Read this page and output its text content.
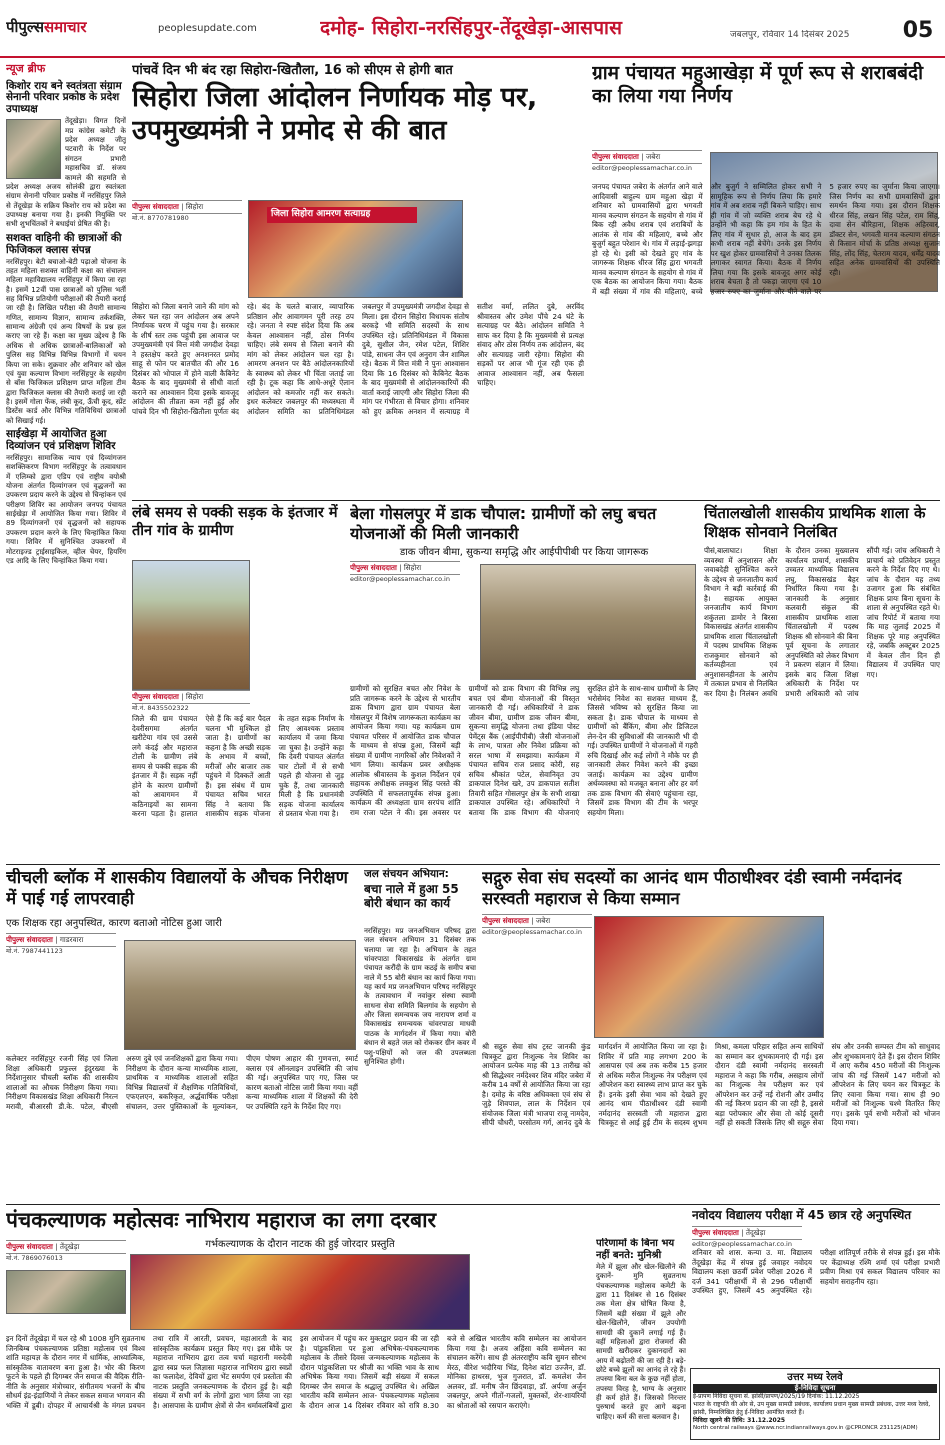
पीपुल्ससमाचार	peoplesupdate.com	दमोह- सिहोरा-नरसिंहपुर-तेंदूखेड़ा-आसपास	जबलपुर, रविवार 14 दिसंबर 2025	05
न्यूज ब्रीफ
किशोर राय बने स्वतंत्रता संग्राम सेनानी परिवार प्रकोष्ठ के प्रदेश उपाध्यक्ष
तेंदूखेड़ा। विगत दिनों मप्र कांग्रेस कमेटी के प्रदेश अध्यक्ष जीतू पटवारी के निर्देश पर संगठन प्रभारी महासचिव डॉ. संजय कामले की सहमति से प्रदेश अध्यक्ष अजय सोलंकी द्वारा स्वतंत्रता संग्राम सेनानी परिवार प्रकोष्ठ में नरसिंहपुर जिले से तेंदूखेड़ा के सक्रिय किशोर राय को प्रदेश का उपाध्यक्ष बनाया गया है। इनकी नियुक्ति पर सभी शुभचिंतकों ने बधाईयां प्रेषित की है।
सशक्त वाहिनी की छात्राओं की फिजिकल क्लास संपन्न
नरसिंहपुर। बेटी बचाओ-बेटी पढ़ाओ योजना के तहत महिला सशक्त वाहिनी कक्षा का संचालन महिला महाविद्यालय नरसिंहपुर में किया जा रहा है। इसमें 12वीं पास छात्राओं को पुलिस भर्ती सह विभिन्न प्रतियोगी परीक्षाओं की तैयारी कराई जा रही है। लिखित परीक्षा की तैयारी सामान्य गणित, सामान्य विज्ञान, सामान्य तर्कशक्ति, सामान्य अंग्रेजी एवं अन्य विषयों के प्रश्न हल कराए जा रहे हैं। कक्षा का मुख्य उद्देश्य है कि अधिक से अधिक छात्राओं-बालिकाओं को पुलिस सह विभिन्न विभिन्न विभागों में चयन किया जा सके। शुक्रवार और शनिवार को खेल एवं युवा कल्याण विभाग नरसिंहपुर के सहयोग से बॉस फिजिकल प्रशिक्षण प्राप्त महिला टीम द्वारा फिजिकल क्लास की तैयारी कराई जा रही है। इसमें गोला फेंक, लंबी कूद, ऊँंची कूद, स्प्रेंट डिस्टेंस कार्ड और विभिन्न गतिविधियां छात्राओं को सिखाई गई।
साईखेड़ा में आयोजित हुआ दिव्यांजन एवं प्रशिक्षण शिविर
नरसिंहपुर। सामाजिक न्याय एवं दिव्यांगजन सशक्तिकरण विभाग नरसिंहपुर के तत्वावधान में एलिम्को द्वारा एडिप एवं राष्ट्रीय वयोश्री योजना अंतर्गत दिव्यांगजन एवं वृद्धजनों का उपकरण प्रदाय करने के उद्देश्य से चिन्हांकन एवं परीक्षण शिविर का आयोजन जनपद पंचायत साईखेड़ा में आयोजित किया गया। शिविर में 89 दिव्यांगजनों एवं वृद्धजनों को सहायक उपकरण प्रदान करने के लिए चिन्हांकित किया गया। शिविर में सुनिश्चित उपकरणों में मोटराइज्ड ट्राईसाइकिल, व्हील चेयर, हियरिंग एड आदि के लिए चिन्हांकित किया गया।
पांचवें दिन भी बंद रहा सिहोरा-खितौला, 16 को सीएम से होगी बात
सिहोरा जिला आंदोलन निर्णायक मोड़ पर, उपमुख्यमंत्री ने प्रमोद से की बात
पीपुल्स संवाददाता | सिहोरा
मो.नं. 8770781980	जिला सिहोरा आमरण सत्याग्रह
सिहोरा को जिला बनाने जाने की मांग को लेकर चल रहा जन आंदोलन अब अपने निर्णायक चरण में पहुंच गया है। सरकार के शीर्ष स्तर तक पहुंची इस आवाज पर उपमुख्यमंत्री एवं वित्त मंत्री जगदीश देवड़ा ने हस्तक्षेप करते हुए अनशनरत प्रमोद साहू से फोन पर बातचीत की और 16 दिसंबर को भोपाल में होने वाली कैबिनेट बैठक के बाद मुख्यमंत्री से सीधी वार्ता कराने का आश्वासन दिया इसके बावजूद आंदोलन की तीव्रता कम नहीं हुई और पांचवे दिन भी सिहोरा-खितौला पूर्णतः बंद रहे। बंद के चलते बाजार, व्यापारिक प्रतिष्ठान और आवागमन पूरी तरह ठप रहे। जनता ने स्पष्ट संदेश दिया कि अब केवल आश्वासन नहीं, ठोस निर्णय चाहिए। लंबे समय से जिला बनाने की मांग को लेकर आंदोलन चल रहा है। आमरण अनशन पर बैठे आंदोलनकारियों के स्वास्थ्य को लेकर भी चिंता जताई जा रही है। टूक कहा कि आधे-अधूरे ऐलान आंदोलन को कमजोर नहीं कर सकते। इधर कलेक्टर जबलपुर की मध्यस्थता में आंदोलन समिति का प्रतिनिधिमंडल जबलपुर में उपमुख्यमंत्री जगदीश देवड़ा से मिला। इस दौरान सिहोरा विधायक संतोष बरकड़े भी समिति सदस्यों के साथ उपस्थित रहे। प्रतिनिधिमंडल में विकास दुबे, सुशील जैन, रमेश पटेल, शिशिर पांडे, साधना जैन एवं अनुराग जैन शामिल रहे। बैठक में वित्त मंत्री ने पुनः आश्वासन दिया कि 16 दिसंबर को कैबिनेट बैठक के बाद मुख्यमंत्री से आंदोलनकारियों की वार्ता कराई जाएगी और सिहोरा जिला की मांग पर गंभीरता से विचार होगा। शनिवार को हुए क्रमिक अनशन में सत्याग्रह में सतीश वर्मा, ललित दुबे, अरविंद श्रीवास्तव और उमेश पौंचे 24 घंटे के सत्याग्रह पर बैठे। आंदोलन समिति ने साफ कर दिया है कि मुख्यमंत्री से प्रत्यक्ष संवाद और ठोस निर्णय तक आंदोलन, बंद और सत्याग्रह जारी रहेगा। सिहोरा की सड़कों पर आज भी गूंज रही एक ही आवाज आश्वासन नहीं, अब फैसला चाहिए।
ग्राम पंचायत महुआखेड़ा में पूर्ण रूप से शराबबंदी का लिया गया निर्णय
पीपुल्स संवाददाता | जबेरा
editor@peoplessamachar.co.in
जनपद पंचायत जबेरा के अंतर्गत आने वाले आदिवासी बाहुल्य ग्राम महुआ खेड़ा में शनिवार को ग्रामवासियों द्वारा भगवती मानव कल्याण संगठन के सहयोग से गांव में बिक रही अवैध शराब एवं शराबियों के आतंक से गांव की महिलाएं, बच्चे और बुजुर्ग बहुत परेशान थे। गांव में लड़ाई-झगड़ा हो रहे थे। इसी को देखते हुए गांव के जागरूक शिक्षक धीरज सिंह द्वारा भगवती मानव कल्याण संगठन के सहयोग से गांव में एक बैठक का आयोजन किया गया। बैठक में बड़ी संख्या में गांव की महिलाएं, बच्चे और बुजुर्ग ने सम्मिलित होकर सभी ने सामूहिक रूप से निर्णय लिया कि हमारे गांव में अब शराब नहीं बिकने चाहिए। साथ ही गांव में जो व्यक्ति शराब बेच रहे थे उन्होंने भी कहा कि हम गांव के हित के लिए गांव में सुधार हो, आज के बाद हम कभी शराब नहीं बेचेंगे। उनके इस निर्णय पर खुश होकर ग्रामवासियों ने उनका तिलक लगाकर स्वागत किया। बैठक में निर्णय लिया गया कि इसके बावजूद अगर कोई शराब बेचता है तो पकड़ा जाएगा एवं 10 हजार रुपए का जुर्माना और पीने वाले पर 5 हजार रुपए का जुर्माना किया जाएगा। जिस निर्णय का सभी ग्रामवासियों द्वारा समर्थन किया गया। इस दौरान शिक्षक धीरज सिंह, लखन सिंह पटेल, राम सिंह, दावा सेन बौरिहाना, शिक्षक अहिरवार, डॉक्टर सेन, भगवती मानव कल्याण संगठन से किसान मोर्चा के प्रतिष्ठ अध्यक्ष सुजान सिंह, लोंद सिंह, चेतराम यादव, धर्मेंद्र यादव सहित अनेक ग्रामवासियों की उपस्थिति रही।
लंबे समय से पक्की सड़क के इंतजार में तीन गांव के ग्रामीण
पीपुल्स संवाददाता | सिहोरा
मो.नं. 8435502322
जिले की ग्राम पंचायत देवरीसगमा अंतर्गत खरीटेया गांव एवं उससे लगे कंदई और महाराज टोली के ग्रामीण लंबे समय से पक्की सड़क की इंतजार में हैं। सड़क नहीं होने के कारण ग्रामीणों को आवागमन में कठिनाइयों का सामना करना पड़ता है। हालात ऐसे हैं कि कई बार पैदल चलना भी मुश्किल हो जाता है। ग्रामीणों का कहना है कि अच्छी सड़क के अभाव में बच्चों, मरीजों और बाजार तक पहुंचने में दिक्कतें आती हैं। इस संबंध में ग्राम पंचायत सचिव भारत सिंह ने बताया कि शासकीय सड़क योजना के तहत सड़क निर्माण के लिए आवश्यक प्रस्ताव कार्यालय में जमा किया जा चुका है। उन्होंने कहा कि देवरी पंचायत अंतर्गत चार टोलों में से सभी पहले ही योजना से जुड़ चुके हैं, तथा जानकारी मिली है कि प्रधानमंत्री सड़क योजना कार्यालय से प्रस्ताव भेजा गया है।
बेला गोसलपुर में डाक चौपाल: ग्रामीणों को लघु बचत योजनाओं की मिली जानकारी
डाक जीवन बीमा, सुकन्या समृद्धि और आईपीपीबी पर किया जागरूक
पीपुल्स संवाददाता | सिहोरा
editor@peoplessamachar.co.in
ग्रामीणों को सुरक्षित बचत और निवेश के प्रति जागरूक करने के उद्देश्य से भारतीय डाक विभाग द्वारा ग्राम पंचायत बेला गोसलपुर में विशेष जागरूकता कार्यक्रम का आयोजन किया गया। यह कार्यक्रम ग्राम पंचायत परिसर में आयोजित डाक चौपाल के माध्यम से संपन्न हुआ, जिसमें बड़ी संख्या में ग्रामीण नागरिकों और निवेशकों ने भाग लिया। कार्यक्रम प्रवर अधीक्षक आलोक श्रीवास्तव के कुशल निर्देशन एवं सहायक अधीक्षक लवकुश सिंह परस्ते की उपस्थिति में सफलतापूर्वक संपन्न हुआ। कार्यक्रम की अध्यक्षता ग्राम सरपंच शांति राम राजा पटेल ने की। इस अवसर पर ग्रामीणों को डाक विभाग की विभिन्न लघु बचत एवं बीमा योजनाओं की विस्तृत जानकारी दी गई। अधिकारियों ने डाक जीवन बीमा, ग्रामीण डाक जीवन बीमा, सुकन्या समृद्धि योजना तथा इंडिया पोस्ट पेमेंट्स बैंक (आईपीपीबी) जैसी योजनाओं के लाभ, पात्रता और निवेश प्रक्रिया को सरल भाषा में समझाया। कार्यक्रम में पंचायत सचिव राज प्रसाद कोरी, सह सचिव श्रीकांत पटेल, सेवानिवृत उप डाकपाल दिनेश खरे, उप डाकपाल सतीश तिवारी सहित गोसलपुर क्षेत्र के सभी शाखा डाकपाल उपस्थित रहे। अधिकारियों ने बताया कि डाक विभाग की योजनाएं सुरक्षित होने के साथ-साथ ग्रामीणों के लिए भरोसेमंद निवेश का सशक्त माध्यम हैं, जिससे भविष्य को सुरक्षित किया जा सकता है। डाक चौपाल के माध्यम से ग्रामीणों को बैंकिंग, बीमा और डिजिटल लेन-देन की सुविधाओं की जानकारी भी दी गई। उपस्थित ग्रामीणों ने योजनाओं में गहरी रुचि दिखाई और कई लोगों ने मौके पर ही जानकारी लेकर निवेश करने की इच्छा जताई। कार्यक्रम का उद्देश्य ग्रामीण अर्थव्यवस्था को मजबूत बनाना और हर वर्ग तक डाक विभाग की सेवाएं पहुंचाना रहा, जिसमें डाक विभाग की टीम के भरपूर सहयोग मिला।
चिंतालखोली शासकीय प्राथमिक शाला के शिक्षक सोनवाने निलंबित
पीसं,बालाघाट। शिक्षा व्यवस्था में अनुशासन और जवाबदेही सुनिश्चित करने के उद्देश्य से जनजातीय कार्य विभाग ने बड़ी कार्रवाई की है। सहायक आयुक्त जनजातीय कार्य विभाग शकुंतला डामोर ने बिरसा विकासखंड अंतर्गत शासकीय प्राथमिक शाला चिंतालखोली में पदस्थ प्राथमिक शिक्षक राजकुमार सोनवाने को कर्तव्यहीनता एवं अनुशासनहीनता के आरोप में तत्काल प्रभाव से निलंबित कर दिया है। निलंबन अवधि के दौरान उनका मुख्यालय कार्यालय प्राचार्य, शासकीय उच्चतर माध्यमिक विद्यालय लघु, विकासखंड बैहर निर्धारित किया गया है। जानकारी के अनुसार कलवारी संकुल की शासकीय प्राथमिक शाला चिंतालखोली में पदस्थ शिक्षक श्री सोनवाने की बिना पूर्व सूचना के लगातार अनुपस्थिति को लेकर विभाग ने प्रकरण संज्ञान में लिया। इसके बाद जिला शिक्षा अधिकारी के निर्देश पर प्रभारी अधिकारी को जांच सौंपी गई। जांच अधिकारी ने प्राचार्य को प्रतिवेदन प्रस्तुत करने के निर्देश दिए गए थे। जांच के दौरान यह तथ्य उजागर हुआ कि संबंधित शिक्षक प्रायः बिना सूचना के शाला से अनुपस्थित रहते थे। जांच रिपोर्ट में बताया गया कि माह जुलाई 2025 में शिक्षक पूरे माह अनुपस्थित रहे, जबकि अक्टूबर 2025 में केवल तीन दिन ही विद्यालय में उपस्थित पाए गए।
चीचली ब्लॉक में शासकीय विद्यालयों के औचक निरीक्षण में पाई गई लापरवाही
एक शिक्षक रहा अनुपस्थित, कारण बताओ नोटिस हुआ जारी
पीपुल्स संवाददाता | गाडरवारा
मो.नं. 7987441123
कलेक्टर नरसिंहपुर रजनी सिंह एवं जिला शिक्षा अधिकारी प्रफुल्ल इंदुरख्या के निर्देशानुसार चीचली ब्लॉक की शासकीय शालाओं का औचक निरीक्षण किया गया। निरीक्षण विकासखंड शिक्षा अधिकारी निरत्न मरावी, बीआरसी डी.के. पटेल, बीएसी अरुण दुबे एवं जनशिक्षकों द्वारा किया गया। निरीक्षण के दौरान कन्या माध्यमिक शाला, प्राथमिक व माध्यमिक शालाओं सहित विभिन्न विद्यालयों में शैक्षणिक गतिविधियों, एफएलएन, बकरिकृत, अर्द्धवार्षिक परीक्षा संचालन, उत्तर पुस्तिकाओं के मूल्यांकन, पीएम पोषण आहार की गुणवत्ता, स्मार्ट क्लास एवं ऑनलाइन उपस्थिति की जांच की गई। अनुपस्थित पाए गए, जिस पर कारण बताओ नोटिस जारी किया गया। वहीं कन्या माध्यमिक शाला में शिक्षकों की देरी पर उपस्थिति रहने के निर्देश दिए गए।
जल संचयन अभियान:
बचा नाले में हुआ 55 बोरी बंधान का कार्य
नरसिंहपुर। मप्र जनअभियान परिषद द्वारा जल संचयन अभियान 31 दिसंबर तक चलाया जा रहा है। अभियान के तहत चांवरपाठा विकासखंड के अंतर्गत ग्राम पंचायत करौंदी के ग्राम कठई के समीप बचा नाले में 55 बोरी बंधान का कार्य किया गया। यह कार्य मप्र जनअभियान परिषद नरसिंहपुर के तत्वावधान में नवांकुर संस्था स्वामी साधना सेवा समिति बिलगांव के सहयोग से और जिला समन्वयक जय नारायण शर्मा व विकासखंड समन्वयक चांवरपाठा माधवी पाठक के मार्गदर्शन में किया गया। बोरी बंधान से बहते जल को रोककर ग्रीन कवर में पशु-पक्षियों को जल की उपलब्धता सुनिश्चित होगी।
सद्गुरु सेवा संघ सदस्यों का आनंद धाम पीठाधीश्वर दंडी स्वामी नर्मदानंद सरस्वती महाराज से किया सम्मान
पीपुल्स संवाददाता | जबेरा
editor@peoplessamachar.co.in
श्री सद्गुरु सेवा संघ ट्रस्ट जानकी कुंड चित्रकूट द्वारा निःशुल्क नेत्र शिविर का आयोजन प्रत्येक माह की 13 तारीख को श्री सिद्धेश्वर नर्मदेश्वर शिव मंदिर जबेरा में करीब 14 वर्षों से आयोजित किया जा रहा है। दमोह के वरिष्ठ अधिवक्ता एवं संघ से जुड़े शिवपाल, लाल के निर्देशन एवं संयोजक जिला मंत्री भाजपा राजू नामदेव, सीपी चौधरी, परसोतम गर्ग, आनंद दुबे के मार्गदर्शन में आयोजित किया जा रहा है। शिविर में प्रति माह लगभग 200 के आसपास एवं अब तक करीब 15 हजार से अधिक मरीज निःशुल्क नेत्र परीक्षण एवं ऑपरेशन करा स्वास्थ्य लाभ प्राप्त कर चुके हैं। इनके इसी सेवा भाव को देखते हुए आनंद धाम पीठाधीश्वर दंडी स्वामी नर्मदानंद सरस्वती जी महाराज द्वारा चित्रकूट से आई हुई टीम के सदस्य शुभम मिश्रा, कमला परिहार सहित अन्य साथियों का सम्मान कर शुभकामनाएं दी गई। इस दौरान दंडी स्वामी नर्मदानंद सरस्वती महाराज ने कहा कि गरीब, असहाय लोगों का निःशुल्क नेत्र परीक्षण कर एवं ऑपरेशन कर उन्हें नई रोशनी और उम्मीद की नई किरण प्रदान की जा रही है, इससे बड़ा परोपकार और सेवा तो कोई दूसरी नहीं हो सकती जिसके लिए श्री सद्गुरु सेवा संघ और उनकी सम्पस्त टीम को साधुवाद और शुभकामनाएं देते हैं। इस दौरान शिविर में आए करीब 450 मरीजों की निःशुल्क जांच की गई जिसमें 147 मरीजों को ऑपरेशन के लिए चयन कर चित्रकूट के लिए रवाना किया गया। साथ ही 90 मरीजों को निःशुल्क चश्मे वितरित किए गए। इसके पूर्व सभी मरीजों को भोजन दिया गया।
पंचकल्याणक महोत्सवः नाभिराय महाराज का लगा दरबार
पीपुल्स संवाददाता | तेंदूखेड़ा
मो.नं. 7869076013
गर्भकल्याणक के दौरान नाटक की हुई जोरदार प्रस्तुति
इन दिनों तेंदूखेड़ा में चल रहे श्री 1008 मुनि सुव्रतनाथ जिनबिम्ब पंचकल्याणक प्रतिष्ठा महोत्सव एवं विश्व शांति महायज्ञ के दौरान नगर में धार्मिक, आध्यात्मिक, सांस्कृतिक वातावरण बना हुआ है। भोर की किरण फूटने के पहले ही दिगम्बर जैन समाज की वैदिक रीति-नीति के अनुसार मंत्रोच्चार, संगीतमय भजनों के बीच सौधर्म इंद्र-इंद्राणियों ने लेकर सकल समाज भगवान की भक्ति में डूबी। दोपहर में आचार्यश्री के मंगल प्रवचन तथा रात्रि में आरती, प्रवचन, महाआरती के बाद सांस्कृतिक कार्यक्रम प्रस्तुत किए गए। इस मौके पर महाराज नाभिराय द्वारा तत्व चर्चा महारानी मरुदेवी द्वारा स्वप्न फल जिज्ञासा महाराज नाभिराय द्वारा स्वप्नों का फलादेश, देवियों द्वारा भेंट समर्पण एवं प्रस्तोता की नाटक प्रस्तुति जनकल्याणक के दौरान हुई है। बड़ी संख्या में सभी वर्ग के लोगों द्वारा भाग लिया जा रहा है। आसपास के ग्रामीण क्षेत्रों से जैन धर्मावलंबियों द्वारा इस आयोजन में पहुंच कर मुक्तद्वार प्रदान की जा रही है। पांडुकशिला पर हुआ अभिषेक-पंचकल्याणक महोत्सव के तीसरे दिवस जन्मकल्याणक महोत्सव के दौरान पांडुकशिला पर श्रीजी का भक्ति भाव के साथ अभिषेक किया गया। जिसमें बड़ी संख्या में सकल दिगम्बर जैन समाज के श्रद्धालु उपस्थित थे। अखिल भारतीय कवि सम्मेलन आज- पंचकल्याणक महोत्सव के दौरान आज 14 दिसंबर रविवार को रात्रि 8.30 बजे से अखिल भारतीय कवि सम्मेलन का आयोजन किया गया है। अजय अहिंसा कवि सम्मेलन का संचालन करेंगे। साथ ही अंतरराष्ट्रीय कवि सुमन सौरभ मेरठ, वीरेश भदौरिया भिंड, दिनेश बांटा उज्जैन, डॉ. मोनिका हाथरस, भुज गुजरात, डॉ. कमलेश जैन अलवर, डॉ. मनीष जैन छिंदवाड़ा, डॉ. अर्पणा अर्जुन जबलपुर, अपने गीतों-गजलों, मुक्तकों, शेर-शायरियों का श्रोताओं को रसपान कराएंगे।
परिणामों के बिना भय नहीं बनते: मुनिश्री
मेले में झूला और खेल-खिलौने की दुकानें- मुनि सुव्रतनाथ पंचकल्याणक महोत्सव कमेटी के द्वारा 11 दिसंबर से 16 दिसंबर तक मेला क्षेत्र घोषित किया है, जिसमें बड़ी संख्या में झूले और खेल-खिलौने, जीवन उपयोगी सामग्री की दुकानें लगाई गई हैं। वहीं महिलाओं द्वारा रोजमर्रा की सामग्री खरीदकर दुकानदारों का आय में बढ़ोतरी की जा रही है। बड़े-छोटे बच्चे झूलों का आनंद ले रहे हैं। तपस्या बिना बल के कुछ नहीं होता, तपस्या विरह है, भाग्य के अनुसार ही कर्म होते हैं। जिसको निरन्तर पुरुषार्थ करते हुए आगे बढ़ना चाहिए। कर्म की सत्ता बलवान है।
नवोदय विद्यालय परीक्षा में 45 छात्र रहे अनुपस्थित
पीपुल्स संवाददाता | तेंदूखेड़ा
editor@peoplessamachar.co.in
शनिवार को शास. कन्या उ. मा. विद्यालय तेंदूखेड़ा केंद्र में संपन्न हुई जवाहर नवोदय विद्यालय कक्षा छठवीं प्रवेश परीक्षा 2026 में दर्ज 341 परीक्षार्थी में से 296 परीक्षार्थी उपस्थित हुए, जिसमें 45 अनुपस्थित रहे। परीक्षा शांतिपूर्ण तरीके से संपन्न हुई। इस मौके पर केंद्राध्यक्ष रश्मि शर्मा एवं परीक्षा प्रभारी प्रवीण मिश्रा एवं सकल विद्यालय परिवार का सहयोग सराहनीय रहा।
उत्तर मध्य रेलवे
ई-निविदा सूचना
ई-प्रापण निविदा सूचना सं. झांसी/प्रापण/2025/19 दिनांक: 11.12.2025
भारत के राष्ट्रपति की ओर से, उप मुख्य सामग्री प्रबंधक, कार्यालय प्रधान मुख्य सामग्री प्रबंधक, उत्तर मध्य रेलवे, झांसी, निम्नलिखित हेतु ई-निविदा आमंत्रित करते हैं।
निविदा खुलने की तिथि: 31.12.2025
North central railways @www.ncr.indianrailways.gov.in @CPRONCR 231125(ADM)
